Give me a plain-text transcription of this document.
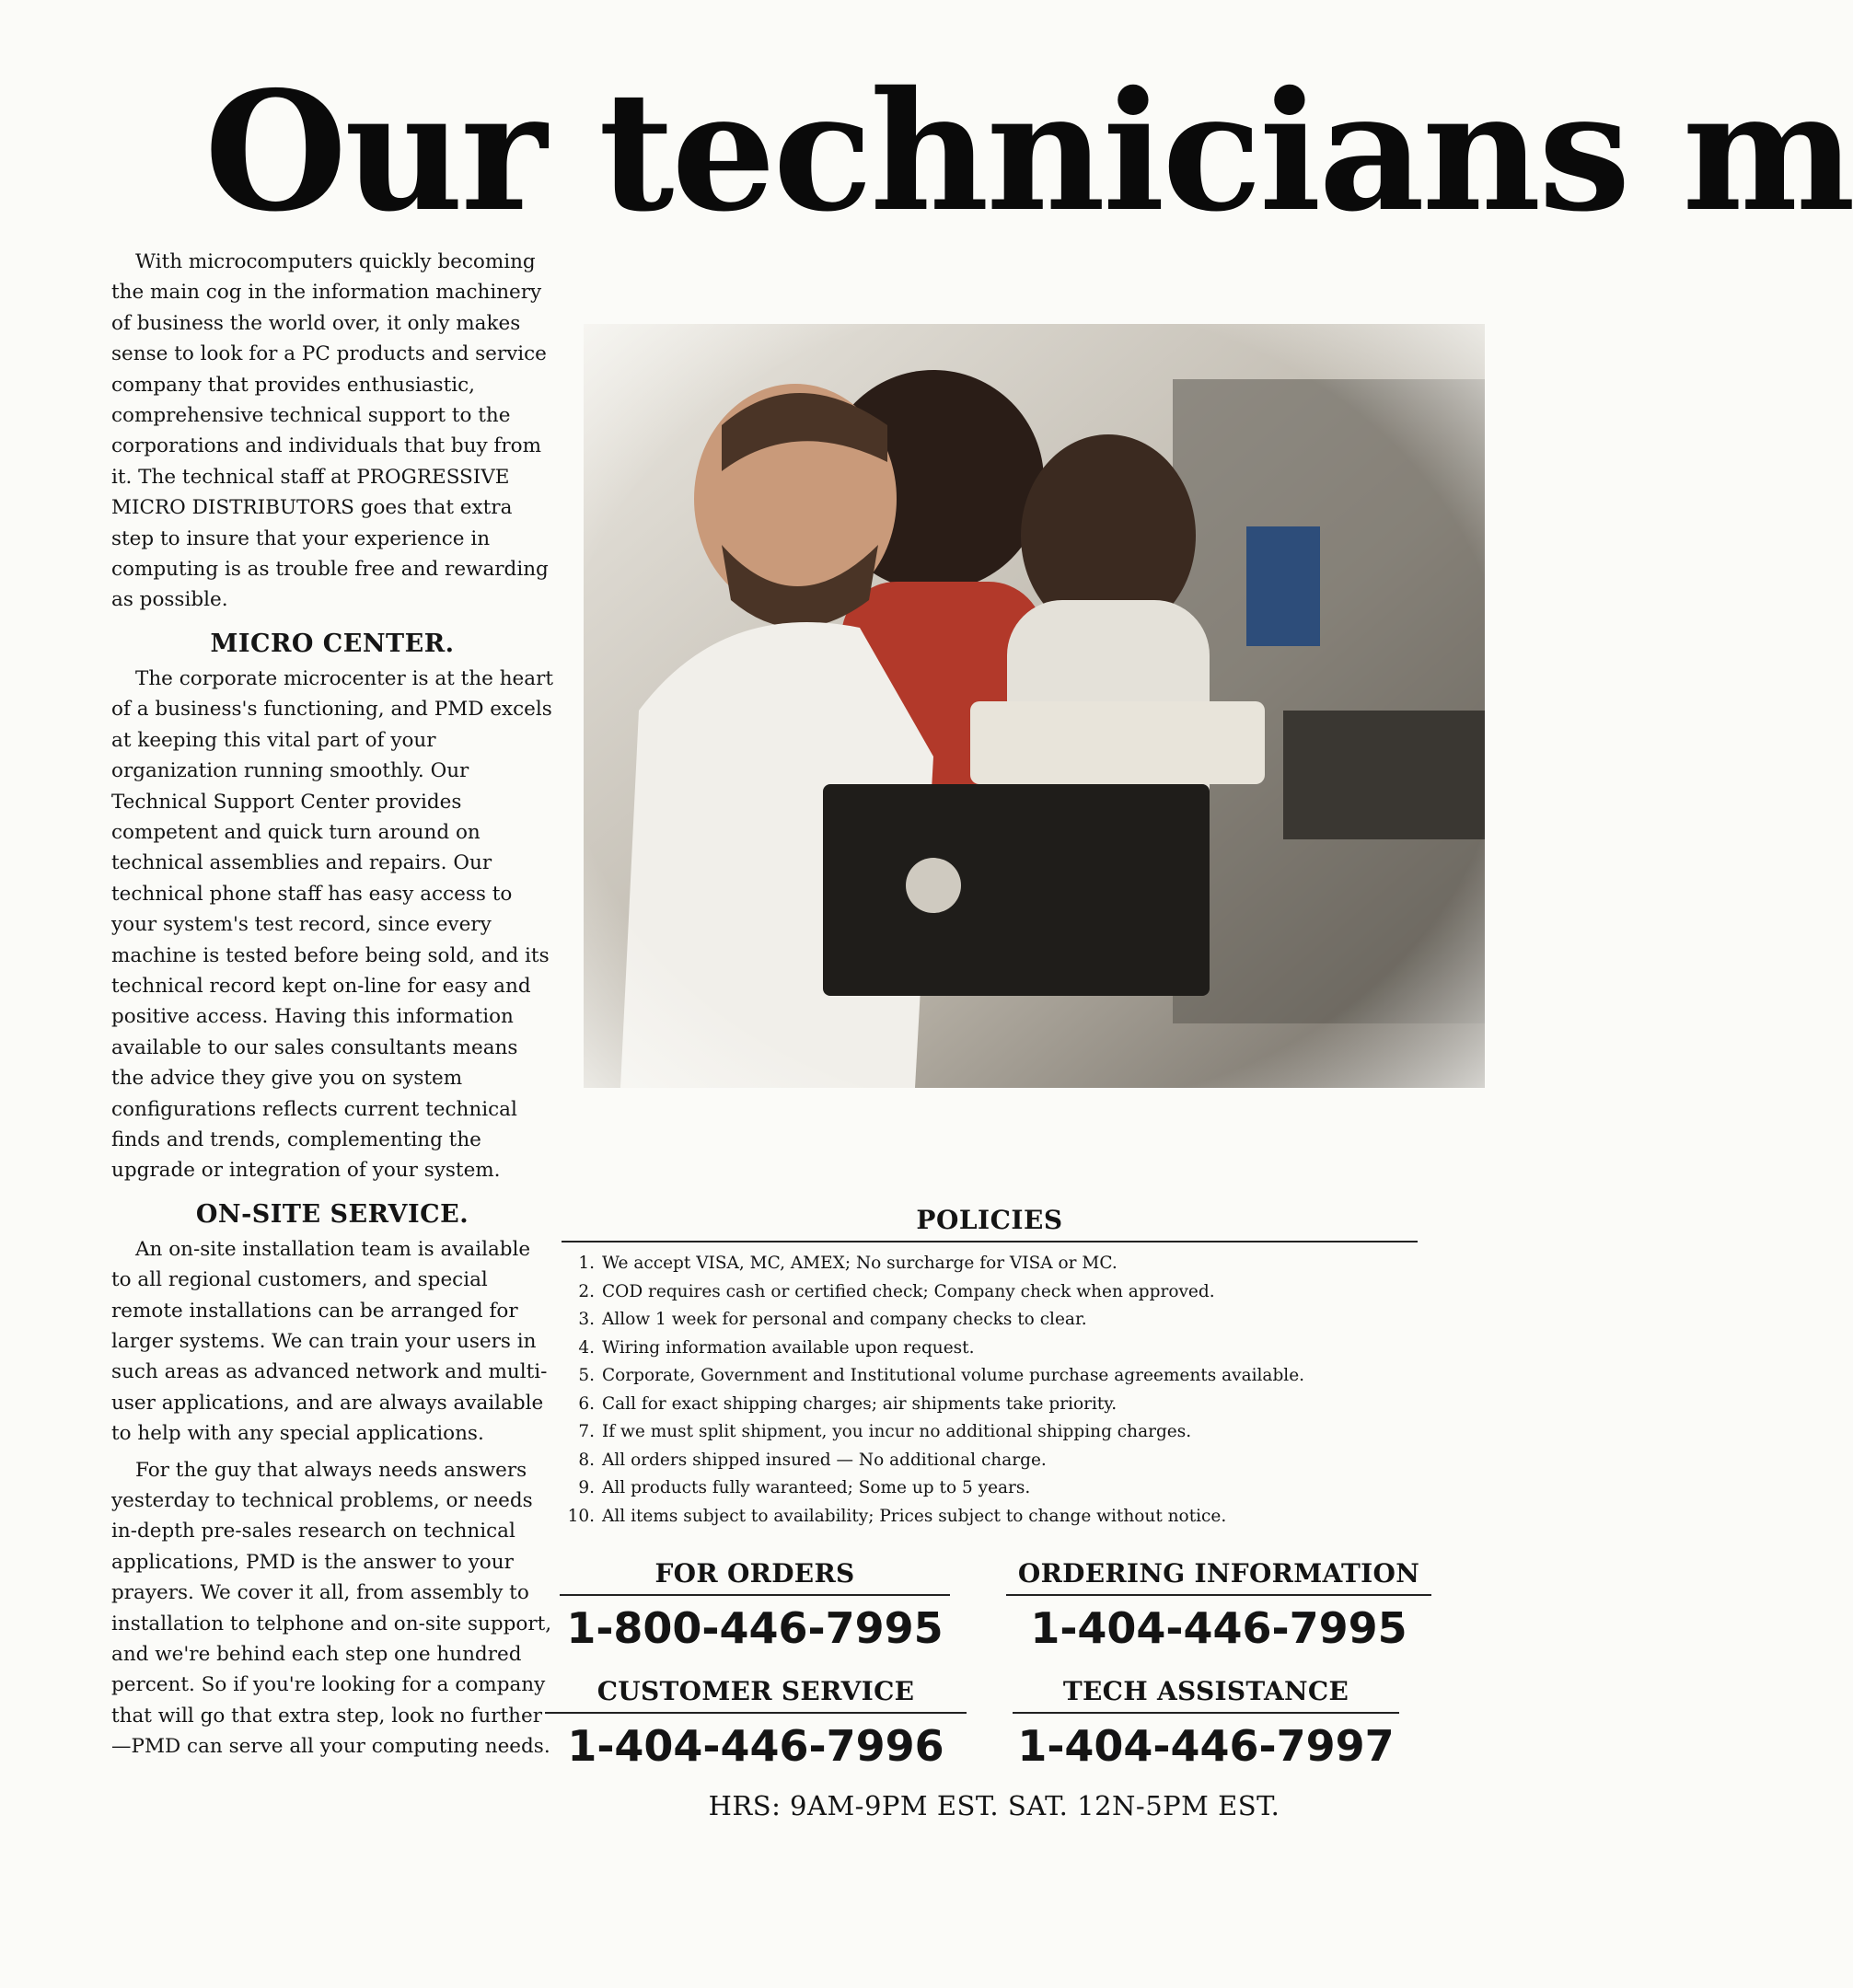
Our technicians m

With microcomputers quickly becoming the main cog in the information machinery of business the world over, it only makes sense to look for a PC products and service company that provides enthusiastic, comprehensive technical support to the corporations and individuals that buy from it. The technical staff at PROGRESSIVE MICRO DISTRIBUTORS goes that extra step to insure that your experience in computing is as trouble free and rewarding as possible.

MICRO CENTER.

The corporate microcenter is at the heart of a business's functioning, and PMD excels at keeping this vital part of your organization running smoothly. Our Technical Support Center provides competent and quick turn around on technical assemblies and repairs. Our technical phone staff has easy access to your system's test record, since every machine is tested before being sold, and its technical record kept on-line for easy and positive access. Having this information available to our sales consultants means the advice they give you on system configurations reflects current technical finds and trends, complementing the upgrade or integration of your system.

ON-SITE SERVICE.

An on-site installation team is available to all regional customers, and special remote installations can be arranged for larger systems. We can train your users in such areas as advanced network and multi-user applications, and are always available to help with any special applications.

For the guy that always needs answers yesterday to technical problems, or needs in-depth pre-sales research on technical applications, PMD is the answer to your prayers. We cover it all, from assembly to installation to telphone and on-site support, and we're behind each step one hundred percent. So if you're looking for a company that will go that extra step, look no further—PMD can serve all your computing needs.

POLICIES
1. We accept VISA, MC, AMEX; No surcharge for VISA or MC.
2. COD requires cash or certified check; Company check when approved.
3. Allow 1 week for personal and company checks to clear.
4. Wiring information available upon request.
5. Corporate, Government and Institutional volume purchase agreements available.
6. Call for exact shipping charges; air shipments take priority.
7. If we must split shipment, you incur no additional shipping charges.
8. All orders shipped insured — No additional charge.
9. All products fully waranteed; Some up to 5 years.
10. All items subject to availability; Prices subject to change without notice.
FOR ORDERS
1-800-446-7995
ORDERING INFORMATION
1-404-446-7995
CUSTOMER SERVICE
1-404-446-7996
TECH ASSISTANCE
1-404-446-7997
HRS: 9AM-9PM EST. SAT. 12N-5PM EST.
